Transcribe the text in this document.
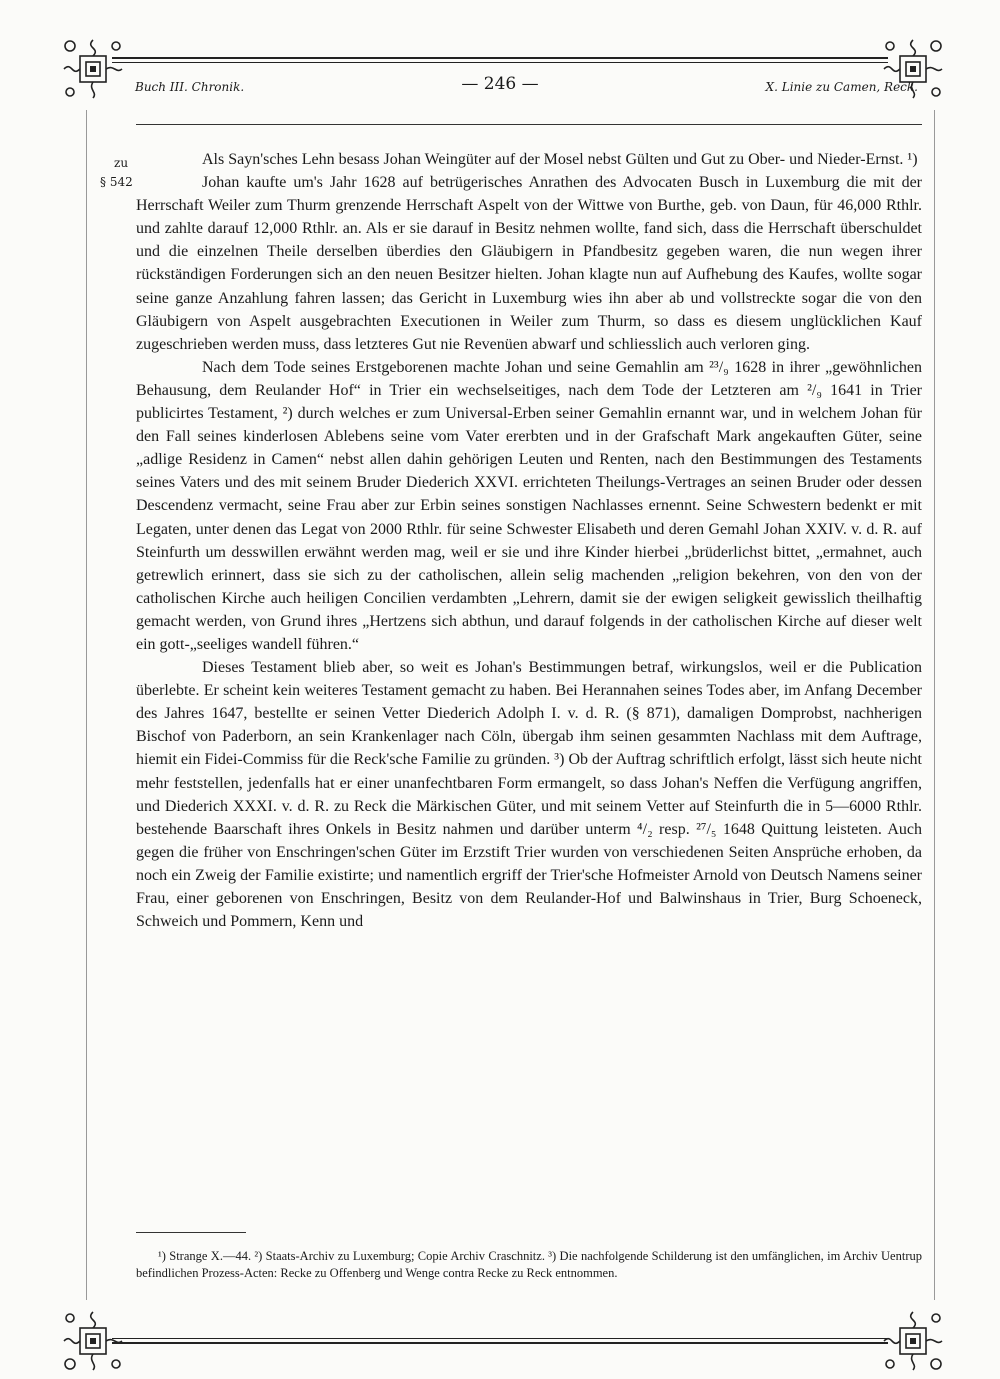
Buch III. Chronik.	— 246 —	X. Linie zu Camen, Reck.
zu
§ 542

Als Sayn'sches Lehn besass Johan Weingüter auf der Mosel nebst Gülten und Gut zu Ober- und Nieder-Ernst. ¹)

Johan kaufte um's Jahr 1628 auf betrügerisches Anrathen des Advocaten Busch in Luxemburg die mit der Herrschaft Weiler zum Thurm grenzende Herrschaft Aspelt von der Wittwe von Burthe, geb. von Daun, für 46,000 Rthlr. und zahlte darauf 12,000 Rthlr. an. Als er sie darauf in Besitz nehmen wollte, fand sich, dass die Herrschaft überschuldet und die einzelnen Theile derselben überdies den Gläubigern in Pfandbesitz gegeben waren, die nun wegen ihrer rückständigen Forderungen sich an den neuen Besitzer hielten. Johan klagte nun auf Aufhebung des Kaufes, wollte sogar seine ganze Anzahlung fahren lassen; das Gericht in Luxemburg wies ihn aber ab und vollstreckte sogar die von den Gläubigern von Aspelt ausgebrachten Executionen in Weiler zum Thurm, so dass es diesem unglücklichen Kauf zugeschrieben werden muss, dass letzteres Gut nie Revenüen abwarf und schliesslich auch verloren ging.

Nach dem Tode seines Erstgeborenen machte Johan und seine Gemahlin am ²³/₉ 1628 in ihrer „gewöhnlichen Behausung, dem Reulander Hof“ in Trier ein wechselseitiges, nach dem Tode der Letzteren am ²/₉ 1641 in Trier publicirtes Testament, ²) durch welches er zum Universal-Erben seiner Gemahlin ernannt war, und in welchem Johan für den Fall seines kinderlosen Ablebens seine vom Vater ererbten und in der Grafschaft Mark angekauften Güter, seine „adlige Residenz in Camen“ nebst allen dahin gehörigen Leuten und Renten, nach den Bestimmungen des Testaments seines Vaters und des mit seinem Bruder Diederich XXVI. errichteten Theilungs-Vertrages an seinen Bruder oder dessen Descendenz vermacht, seine Frau aber zur Erbin seines sonstigen Nachlasses ernennt. Seine Schwestern bedenkt er mit Legaten, unter denen das Legat von 2000 Rthlr. für seine Schwester Elisabeth und deren Gemahl Johan XXIV. v. d. R. auf Steinfurth um desswillen erwähnt werden mag, weil er sie und ihre Kinder hierbei „brüderlichst bittet, „ermahnet, auch getrewlich erinnert, dass sie sich zu der catholischen, allein selig machenden „religion bekehren, von den von der catholischen Kirche auch heiligen Concilien verdambten „Lehrern, damit sie der ewigen seligkeit gewisslich theilhaftig gemacht werden, von Grund ihres „Hertzens sich abthun, und darauf folgends in der catholischen Kirche auf dieser welt ein gott-„seeliges wandell führen.“

Dieses Testament blieb aber, so weit es Johan's Bestimmungen betraf, wirkungslos, weil er die Publication überlebte. Er scheint kein weiteres Testament gemacht zu haben. Bei Herannahen seines Todes aber, im Anfang December des Jahres 1647, bestellte er seinen Vetter Diederich Adolph I. v. d. R. (§ 871), damaligen Domprobst, nachherigen Bischof von Paderborn, an sein Krankenlager nach Cöln, übergab ihm seinen gesammten Nachlass mit dem Auftrage, hiemit ein Fidei-Commiss für die Reck'sche Familie zu gründen. ³) Ob der Auftrag schriftlich erfolgt, lässt sich heute nicht mehr feststellen, jedenfalls hat er einer unanfechtbaren Form ermangelt, so dass Johan's Neffen die Verfügung angriffen, und Diederich XXXI. v. d. R. zu Reck die Märkischen Güter, und mit seinem Vetter auf Steinfurth die in 5—6000 Rthlr. bestehende Baarschaft ihres Onkels in Besitz nahmen und darüber unterm ⁴/₂ resp. ²⁷/₅ 1648 Quittung leisteten. Auch gegen die früher von Enschringen'schen Güter im Erzstift Trier wurden von verschiedenen Seiten Ansprüche erhoben, da noch ein Zweig der Familie existirte; und namentlich ergriff der Trier'sche Hofmeister Arnold von Deutsch Namens seiner Frau, einer geborenen von Enschringen, Besitz von dem Reulander-Hof und Balwinshaus in Trier, Burg Schoeneck, Schweich und Pommern, Kenn und

¹) Strange X.—44. ²) Staats-Archiv zu Luxemburg; Copie Archiv Craschnitz. ³) Die nachfolgende Schilderung ist den umfänglichen, im Archiv Uentrup befindlichen Prozess-Acten: Recke zu Offenberg und Wenge contra Recke zu Reck entnommen.
